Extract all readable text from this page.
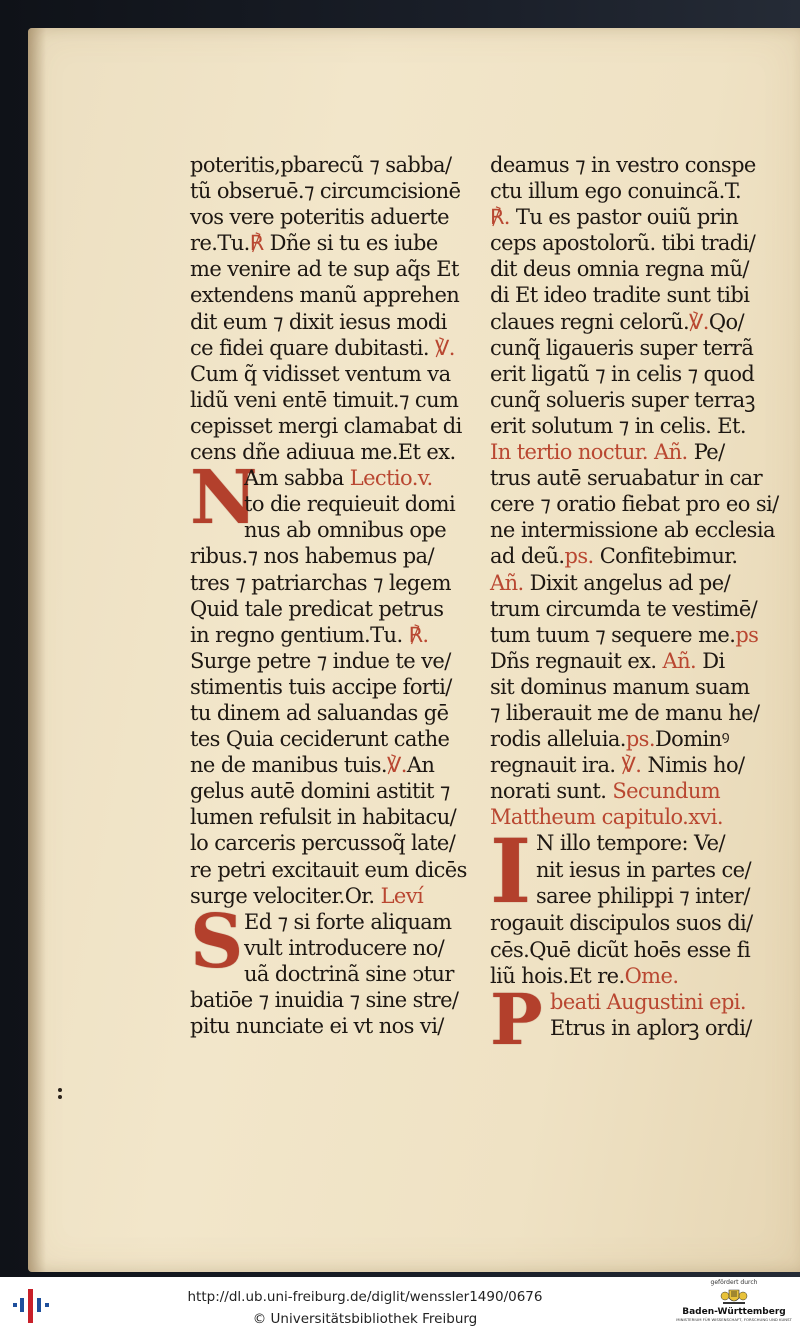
poteritis,pbarecũ ⁊ sabba/
tũ obseruē.⁊ circumcisionē
vos vere poteritis aduerte
re.Tu.℟ Dñe si tu es iube
me venire ad te sup aq̃s Et
extendens manũ apprehen
dit eum ⁊ dixit iesus modi
ce fidei quare dubitasti. ℣.
Cum q̃ vidisset ventum va
lidũ veni entē timuit.⁊ cum
cepisset mergi clamabat di
cens dñe adiuua me.Et ex.
N
Am sabba Lectio.v.
to die requieuit domi
nus ab omnibus ope
ribus.⁊ nos habemus pa/
tres ⁊ patriarchas ⁊ legem
Quid tale predicat petrus
in regno gentium.Tu. ℟.
Surge petre ⁊ indue te ve/
stimentis tuis accipe forti/
tu dinem ad saluandas gē
tes Quia ceciderunt cathe
ne de manibus tuis.℣.An
gelus autē domini astitit ⁊
lumen refulsit in habitacu/
lo carceris percussoq̃ late/
re petri excitauit eum dicēs
surge velociter.Or. Leví
S Ed ⁊ si forte aliquam
vult introducere no/
uã doctrinã sine ↄtur
batiōe ⁊ inuidia ⁊ sine stre/
pitu nunciate ei vt nos vi/
deamus ⁊ in vestro conspe
ctu illum ego conuincã.T.
℟. Tu es pastor ouiũ prin
ceps apostolorũ. tibi tradi/
dit deus omnia regna mũ/
di Et ideo tradite sunt tibi
claues regni celorũ.℣.Qo/
cunq̃ ligaueris super terrã
erit ligatũ ⁊ in celis ⁊ quod
cunq̃ solueris super terraꝫ
erit solutum ⁊ in celis. Et.
In tertio noctur. Añ. Pe/
trus autē seruabatur in car
cere ⁊ oratio fiebat pro eo si/
ne intermissione ab ecclesia
ad deũ.ps. Confitebimur.
Añ. Dixit angelus ad pe/
trum circumda te vestimē/
tum tuum ⁊ sequere me.ps
Dñs regnauit ex. Añ. Di
sit dominus manum suam
⁊ liberauit me de manu he/
rodis alleluia.ps.Dominꝰ
regnauit ira. ℣. Nimis ho/
norati sunt. Secundum
Mattheum capitulo.xvi.
I N illo tempore: Ve/
nit iesus in partes ce/
saree philippi ⁊ inter/
rogauit discipulos suos di/
cēs.Quē dicũt hoēs esse fi
liũ hois.Et re.Ome.
P beati Augustini epi.
Etrus in aplorꝫ ordi/
http://dl.ub.uni-freiburg.de/diglit/wenssler1490/0676
© Universitätsbibliothek Freiburg
gefördert durch
Baden-Württemberg
MINISTERIUM FÜR WISSENSCHAFT, FORSCHUNG UND KUNST
